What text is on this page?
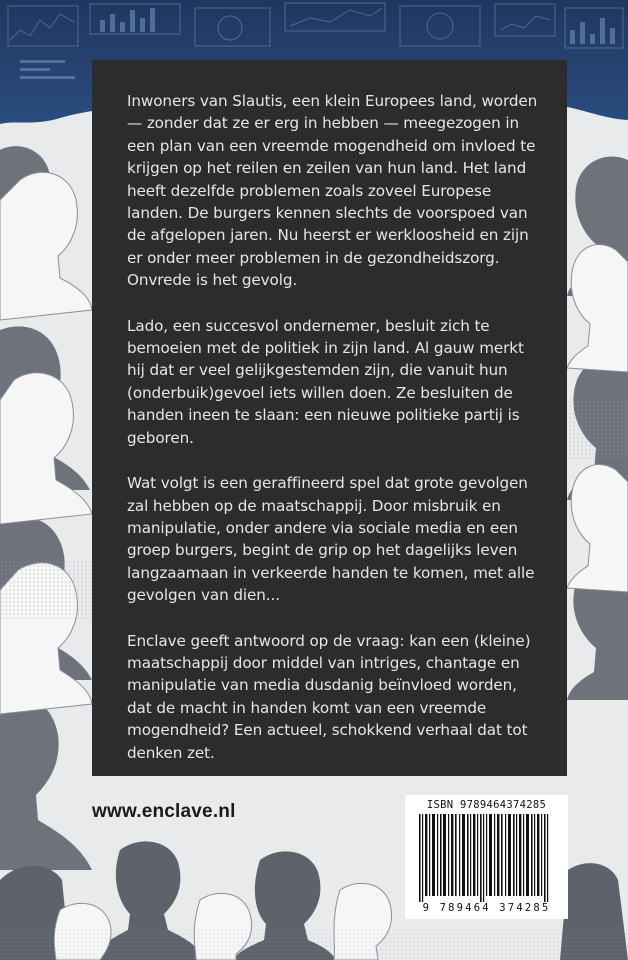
Inwoners van Slautis, een klein Europees land, worden — zonder dat ze er erg in hebben — meegezogen in een plan van een vreemde mogendheid om invloed te krijgen op het reilen en zeilen van hun land. Het land heeft dezelfde problemen zoals zoveel Europese landen. De burgers kennen slechts de voorspoed van de afgelopen jaren. Nu heerst er werkloosheid en zijn er onder meer problemen in de gezondheidszorg. Onvrede is het gevolg.

Lado, een succesvol ondernemer, besluit zich te bemoeien met de politiek in zijn land. Al gauw merkt hij dat er veel gelijkgestemden zijn, die vanuit hun (onderbuik)gevoel iets willen doen. Ze besluiten de handen ineen te slaan: een nieuwe politieke partij is geboren.

Wat volgt is een geraffineerd spel dat grote gevolgen zal hebben op de maatschappij. Door misbruik en manipulatie, onder andere via sociale media en een groep burgers, begint de grip op het dagelijks leven langzaamaan in verkeerde handen te komen, met alle gevolgen van dien...

Enclave geeft antwoord op de vraag: kan een (kleine) maatschappij door middel van intriges, chantage en manipulatie van media dusdanig beïnvloed worden, dat de macht in handen komt van een vreemde mogendheid? Een actueel, schokkend verhaal dat tot denken zet.

www.enclave.nl	ISBN 9789464374285
9 789464 374285
